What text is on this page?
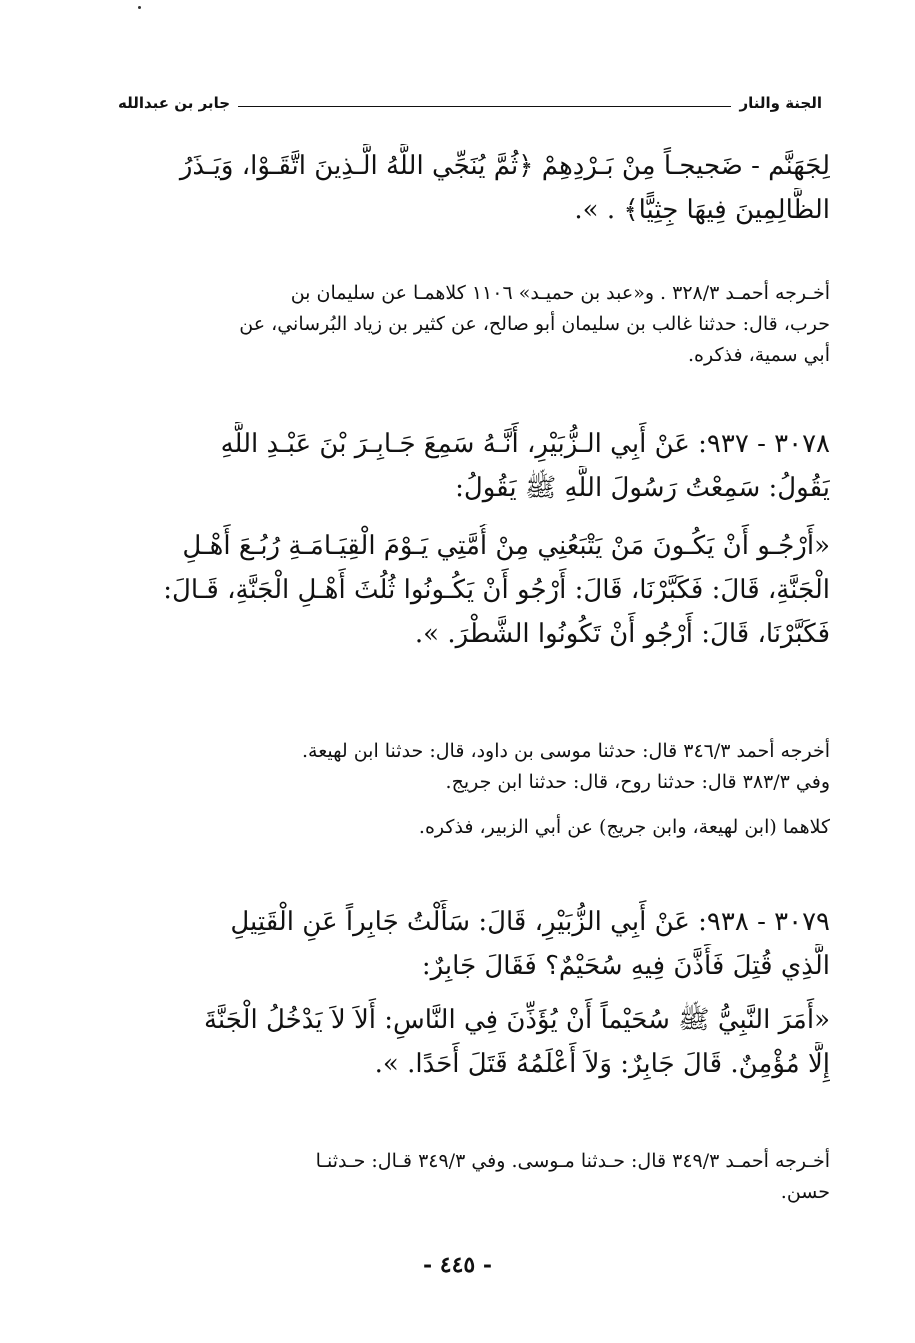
الجنة والنار
جابر بن عبدالله
لِجَهَنَّم - ضَجيجـاً مِنْ بَـرْدِهِمْ ﴿ثُمَّ يُنَجِّي اللَّهُ الَّـذِينَ اتَّقَـوْا، وَيَـذَرُ
الظَّالِمِينَ فِيهَا جِثِيًّا﴾ . ».
أخـرجه أحمـد ٣٢٨/٣ . و«عبد بن حميـد» ١١٠٦ كلاهمـا عن سليمان بن
حرب، قال: حدثنا غالب بن سليمان أبو صالح، عن كثير بن زياد البُرساني، عن
أبي سمية، فذكره.
٣٠٧٨ - ٩٣٧: عَنْ أَبِي الـزُّبَيْرِ، أَنَّـهُ سَمِعَ جَـابِـرَ بْنَ عَبْـدِ اللَّهِ
يَقُولُ: سَمِعْتُ رَسُولَ اللَّهِ ﷺ يَقُولُ:
«أَرْجُـو أَنْ يَكُـونَ مَنْ يَتْبَعُنِي مِنْ أُمَّتِي يَـوْمَ الْقِيَـامَـةِ رُبُـعَ أَهْـلِ
الْجَنَّةِ، قَالَ: فَكَبَّرْنَا، قَالَ: أَرْجُو أَنْ يَكُـونُوا ثُلُثَ أَهْـلِ الْجَنَّةِ، قَـالَ:
فَكَبَّرْنَا، قَالَ: أَرْجُو أَنْ تَكُونُوا الشَّطْرَ. ».
أخرجه أحمد ٣٤٦/٣ قال: حدثنا موسى بن داود، قال: حدثنا ابن لهيعة.
وفي ٣٨٣/٣ قال: حدثنا روح، قال: حدثنا ابن جريج.
كلاهما (ابن لهيعة، وابن جريج) عن أبي الزبير، فذكره.
٣٠٧٩ - ٩٣٨: عَنْ أَبِي الزُّبَيْرِ، قَالَ: سَأَلْتُ جَابِراً عَنِ الْقَتِيلِ
الَّذِي قُتِلَ فَأَذَّنَ فِيهِ سُحَيْمٌ؟ فَقَالَ جَابِرٌ:
«أَمَرَ النَّبِيُّ ﷺ سُحَيْماً أَنْ يُؤَذِّنَ فِي النَّاسِ: أَلاَ لاَ يَدْخُلُ الْجَنَّةَ
إِلَّا مُؤْمِنٌ. قَالَ جَابِرٌ: وَلاَ أَعْلَمُهُ قَتَلَ أَحَدًا. ».
أخـرجه أحمـد ٣٤٩/٣ قال: حـدثنا مـوسى. وفي ٣٤٩/٣ قـال: حـدثنـا
حسن.
- ٤٤٥ -
